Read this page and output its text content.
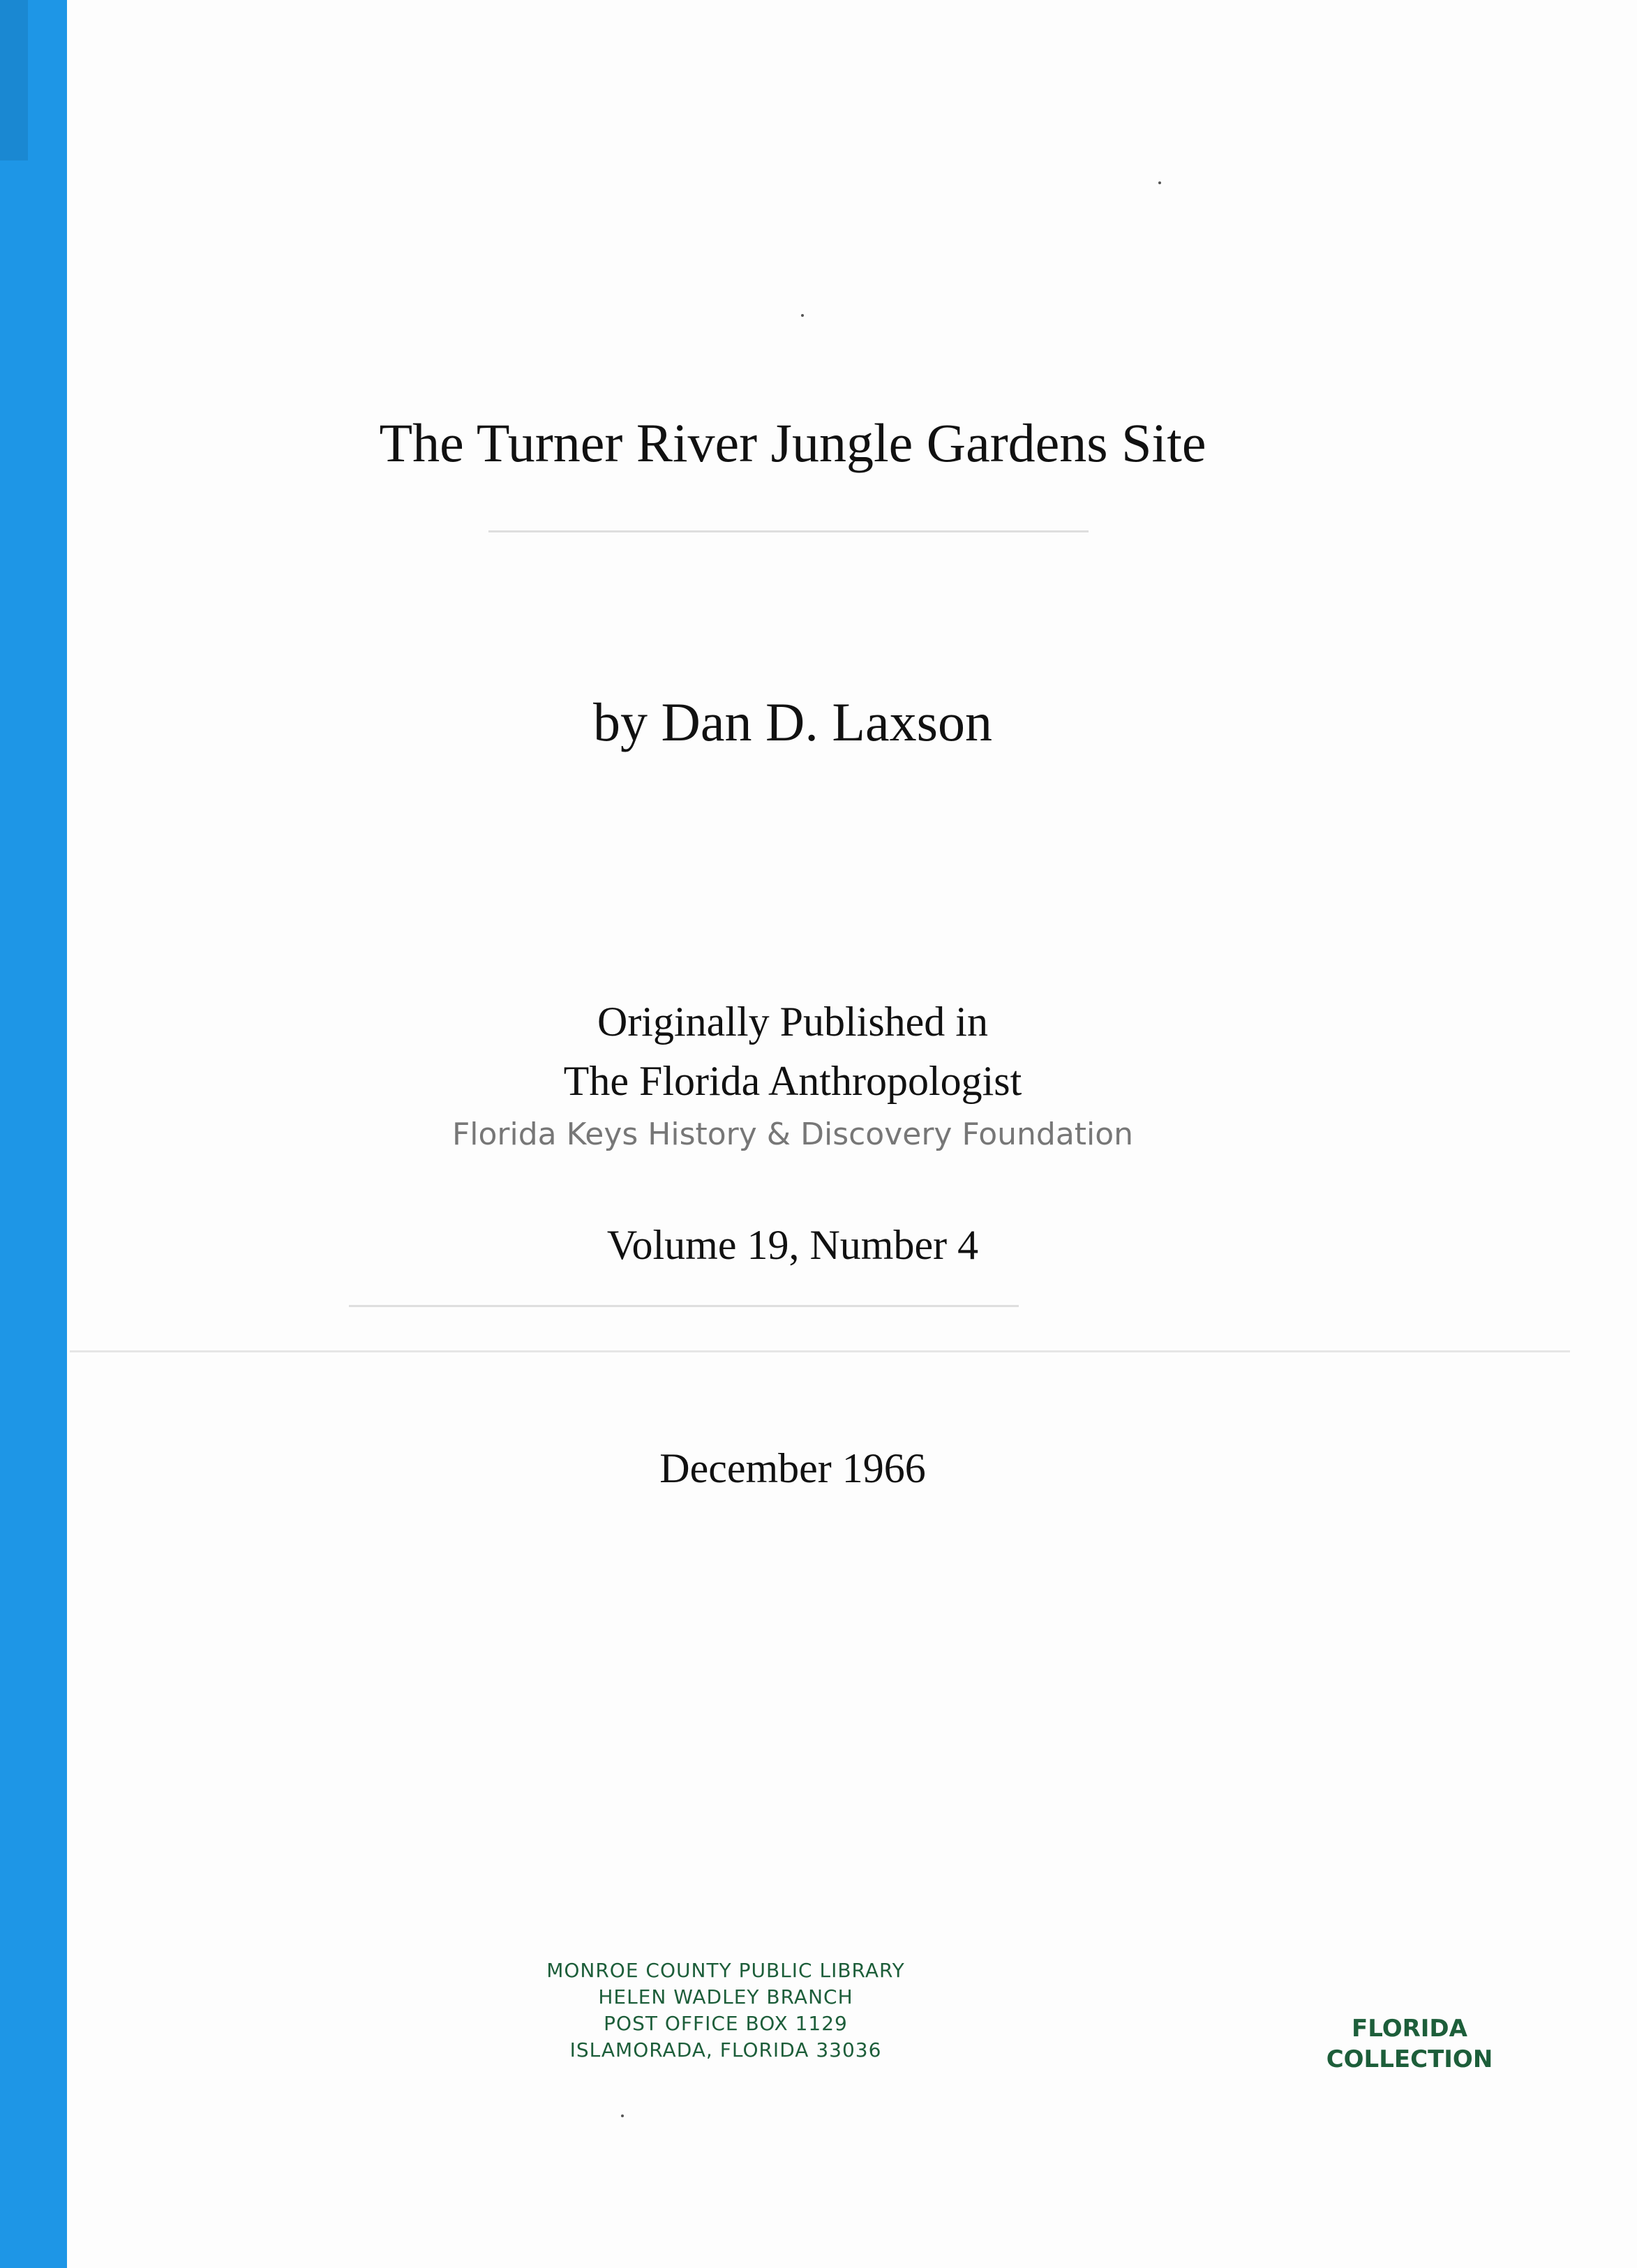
The Turner River Jungle Gardens Site
by Dan D. Laxson
Originally Published in
The Florida Anthropologist
Florida Keys History & Discovery Foundation
Volume 19, Number 4
December 1966
MONROE COUNTY PUBLIC LIBRARY
HELEN WADLEY BRANCH
POST OFFICE BOX 1129
ISLAMORADA, FLORIDA 33036
FLORIDA
COLLECTION
